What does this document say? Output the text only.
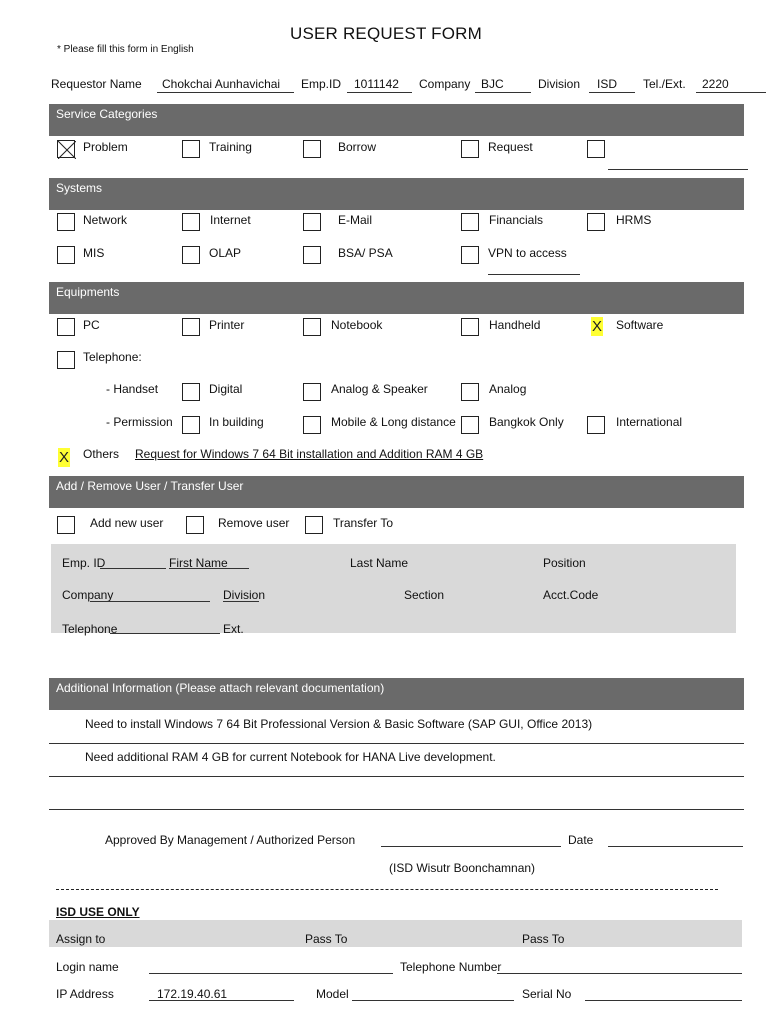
USER REQUEST FORM
* Please fill this form in English
Requestor Name Chokchai Aunhavichai Emp.ID 1011142 Company BJC	Division ISD Tel./Ext. 2220
Service Categories
Problem	Training	Borrow	Request
Systems
Network	Internet	E-Mail	Financials	HRMS
MIS	OLAP	BSA/ PSA	VPN to access
Equipments
PC	Printer	Notebook	Handheld	X Software
Telephone:
- Handset	Digital	Analog & Speaker	Analog
- Permission	In building	Mobile & Long distance	Bangkok Only	International
X Others Request for Windows 7 64 Bit installation and Addition RAM 4 GB
Add / Remove User / Transfer User
Add new user	Remove user	Transfer To
Emp. ID	First Name	Last Name	Position
Company	Division	Section	Acct.Code
Telephone	Ext.
Additional Information (Please attach relevant documentation)
Need to install Windows 7 64 Bit Professional Version & Basic Software (SAP GUI, Office 2013)
Need additional RAM 4 GB for current Notebook for HANA Live development.
Approved By Management / Authorized Person	Date
(ISD Wisutr Boonchamnan)
ISD USE ONLY
Assign to	Pass To	Pass To
Login name	Telephone Number
IP Address	172.19.40.61	Model	Serial No
